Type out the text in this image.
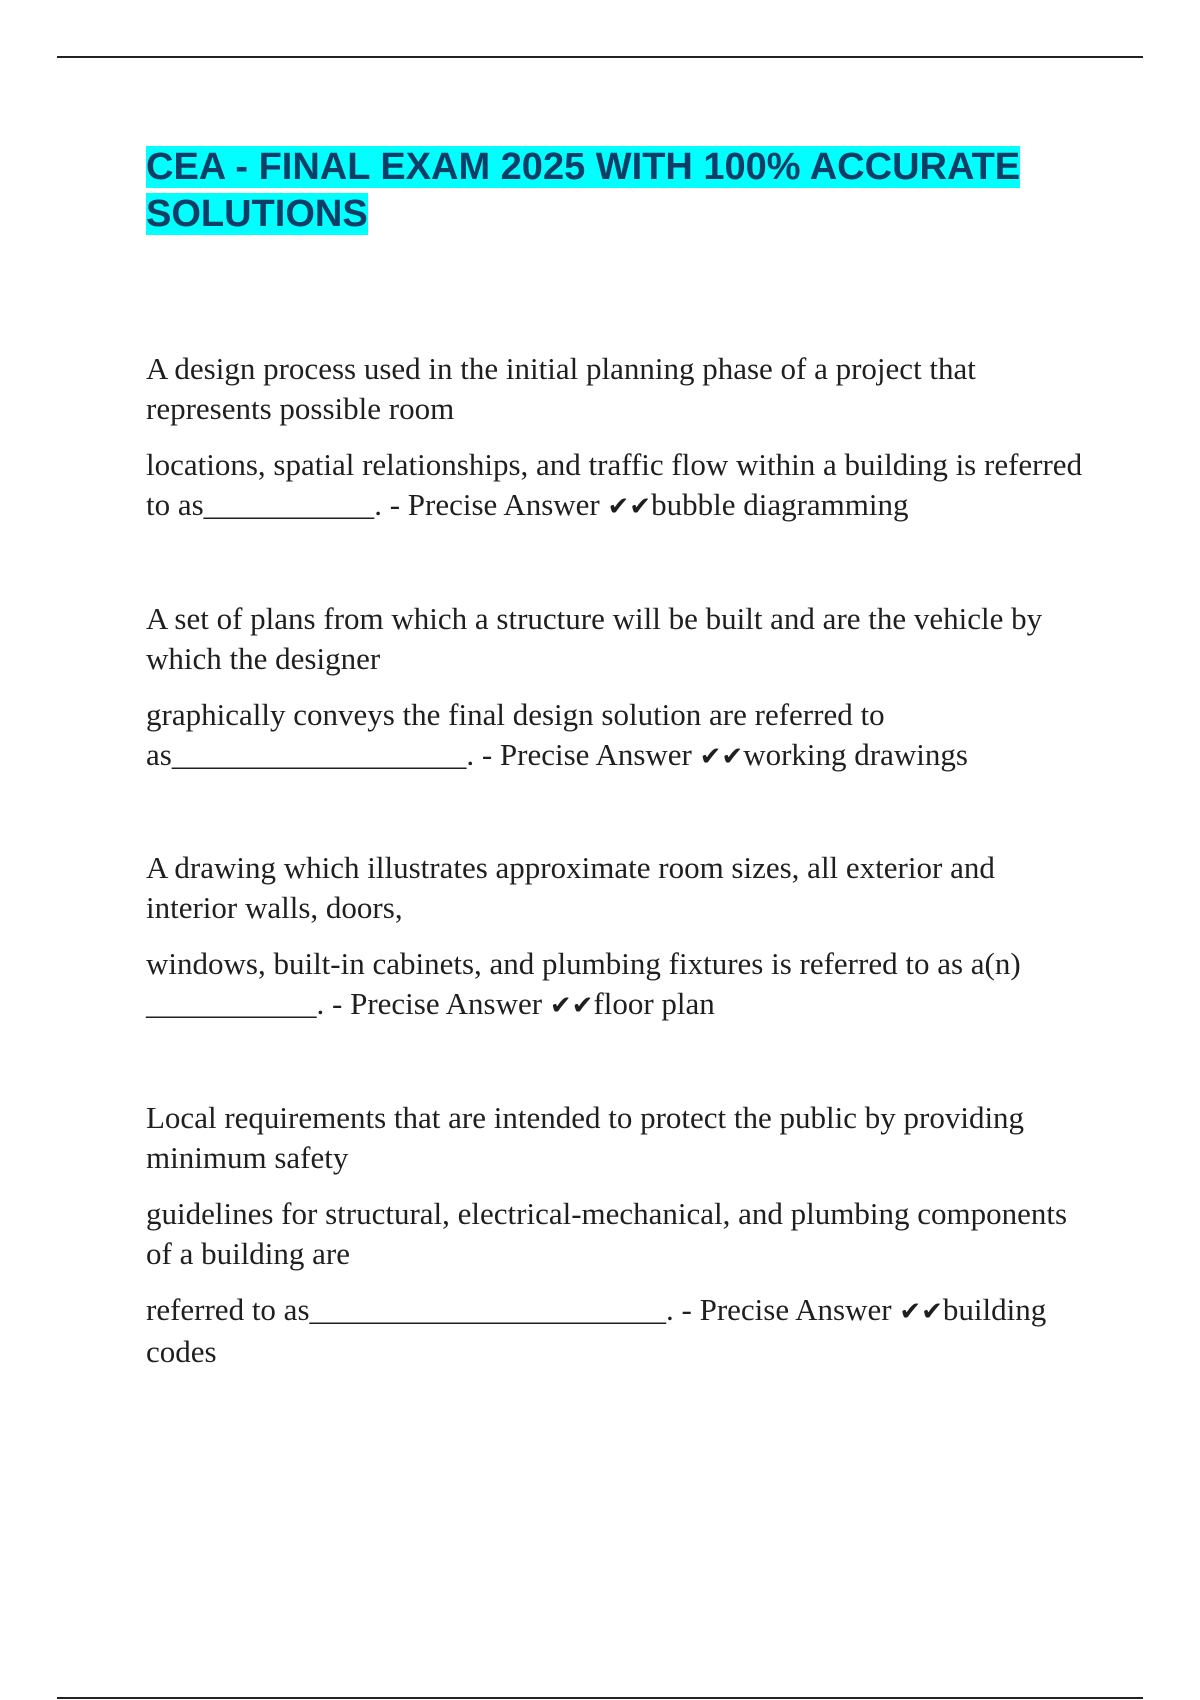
CEA - FINAL EXAM 2025 WITH 100% ACCURATE
SOLUTIONS

A design process used in the initial planning phase of a project that represents possible room

locations, spatial relationships, and traffic flow within a building is referred to as___________. - Precise Answer ✔✔bubble diagramming

A set of plans from which a structure will be built and are the vehicle by which the designer

graphically conveys the final design solution are referred to as___________________. - Precise Answer ✔✔working drawings

A drawing which illustrates approximate room sizes, all exterior and interior walls, doors,

windows, built-in cabinets, and plumbing fixtures is referred to as a(n) ___________. - Precise Answer ✔✔floor plan

Local requirements that are intended to protect the public by providing minimum safety

guidelines for structural, electrical-mechanical, and plumbing components of a building are

referred to as_______________________. - Precise Answer ✔✔building codes
